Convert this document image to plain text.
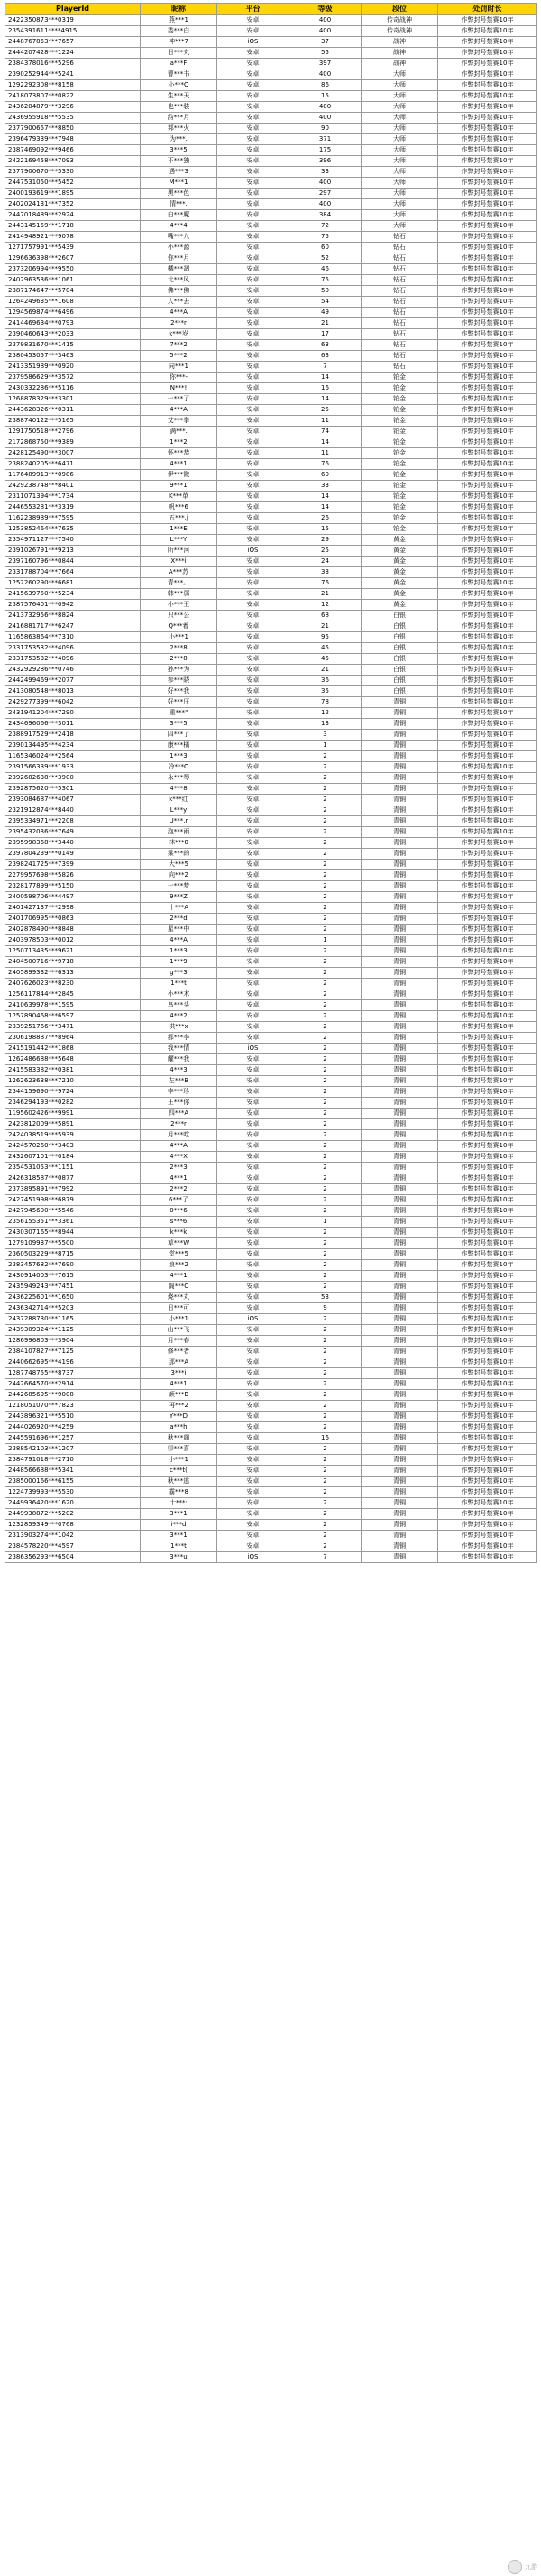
PlayerId	昵称	平台	等级	段位	处罚时长
2422350873***0319	燕***1	安卓	400	传奇战神	作弊封号禁赛10年
2354391611****4915	娄***白	安卓	400	传奇战神	作弊封号禁赛10年
2448767853***7657	神***7	iOS	37	战神	作弊封号禁赛10年
2444207428***1224	日***丸	安卓	55	战神	作弊封号禁赛10年
2384378016***5296	a***F	安卓	397	战神	作弊封号禁赛10年
2390252944***5241	曹***书	安卓	400	大师	作弊封号禁赛10年
1292292308***8158	小***Q	安卓	86	大师	作弊封号禁赛10年
2418073807***0822	生***天	安卓	15	大师	作弊封号禁赛10年
2436204879***3296	也***装	安卓	400	大师	作弊封号禁赛10年
2436955918***5535	韵***月	安卓	400	大师	作弊封号禁赛10年
2377900657***8850	邦***火	安卓	90	大师	作弊封号禁赛10年
2396479339***7948	为***.	安卓	371	大师	作弊封号禁赛10年
2387469092***9466	3***5	安卓	175	大师	作弊封号禁赛10年
2422169458***7093	不***独	安卓	396	大师	作弊封号禁赛10年
2377900670***5330	遇***3	安卓	33	大师	作弊封号禁赛10年
2447531050***5452	M***1	安卓	400	大师	作弊封号禁赛10年
2400193619***1895	黑***色	安卓	297	大师	作弊封号禁赛10年
2402024131***7352	情***.	安卓	400	大师	作弊封号禁赛10年
2447018489***2924	白***魔	安卓	384	大师	作弊封号禁赛10年
2443145159***1718	4***4	安卓	72	大师	作弊封号禁赛10年
2414948921***9078	嘴***九	安卓	75	钻石	作弊封号禁赛10年
1271757991***5439	小***源	安卓	60	钻石	作弊封号禁赛10年
1296636398***2607	你***月	安卓	52	钻石	作弊封号禁赛10年
2373206994***9550	橘***凋	安卓	46	钻石	作弊封号禁赛10年
2402963536***1061	北***风	安卓	75	钻石	作弊封号禁赛10年
2387174647***5704	佛***佛	安卓	50	钻石	作弊封号禁赛10年
1264249635***1608	人***去	安卓	54	钻石	作弊封号禁赛10年
1294569874***6496	4***A	安卓	49	钻石	作弊封号禁赛10年
2414469634***0793	2***r	安卓	21	钻石	作弊封号禁赛10年
2390460643***2033	k***岁	安卓	17	钻石	作弊封号禁赛10年
2379831670***1415	7***2	安卓	63	钻石	作弊封号禁赛10年
2380453057***3463	5***2	安卓	63	钻石	作弊封号禁赛10年
2413351989***0920	同***1	安卓	7	钻石	作弊封号禁赛10年
2379586629***3572	你***-	安卓	14	铂金	作弊封号禁赛10年
2430332286***5116	N***!	安卓	16	铂金	作弊封号禁赛10年
1268878329***3301	一***了	安卓	14	铂金	作弊封号禁赛10年
2443628326***0311	4***A	安卓	25	铂金	作弊封号禁赛10年
2388740122***5165	艾***拳	安卓	11	铂金	作弊封号禁赛10年
1291750518***2796	满***.	安卓	74	铂金	作弊封号禁赛10年
2172868750***9389	1***2	安卓	14	铂金	作弊封号禁赛10年
2428125490***3007	怀***恭	安卓	11	铂金	作弊封号禁赛10年
2388240205***6471	4***1	安卓	76	铂金	作弊封号禁赛10年
1176489913***0986	伊***微	安卓	60	铂金	作弊封号禁赛10年
2429238748***8401	9***1	安卓	33	铂金	作弊封号禁赛10年
2311071394***1734	K***单	安卓	14	铂金	作弊封号禁赛10年
2446553281***3319	帆***6	安卓	14	铂金	作弊封号禁赛10年
1162238989***7595	五***.j	安卓	26	铂金	作弊封号禁赛10年
1253852464***7635	1***E	安卓	15	铂金	作弊封号禁赛10年
2354971127***7540	L***Y	安卓	29	黄金	作弊封号禁赛10年
2391026791***9213	所***河	iOS	25	黄金	作弊封号禁赛10年
2397160796***0844	X***i	安卓	24	黄金	作弊封号禁赛10年
2331788704***7664	A***苏	安卓	33	黄金	作弊封号禁赛10年
1252260290***6681	青***。	安卓	76	黄金	作弊封号禁赛10年
2415639750***5234	韩***弱	安卓	21	黄金	作弊封号禁赛10年
2387576401***0942	小***王	安卓	12	黄金	作弊封号禁赛10年
2413732956***8824	只***公	安卓	68	白银	作弊封号禁赛10年
2416881717***6247	Q***着	安卓	21	白银	作弊封号禁赛10年
1165863864***7310	小***1	安卓	95	白银	作弊封号禁赛10年
2331753532***4096	2***8	安卓	45	白银	作弊封号禁赛10年
2331753532***4096	2***8	安卓	45	白银	作弊封号禁赛10年
2432929286***0746	孙***为	安卓	21	白银	作弊封号禁赛10年
2442499469***2077	参***晓	安卓	36	白银	作弊封号禁赛10年
2413080548***8013	好***我	安卓	35	白银	作弊封号禁赛10年
2429277399***6042	好***压	安卓	78	青铜	作弊封号禁赛10年
2431941204***7290	重***"	安卓	12	青铜	作弊封号禁赛10年
2434696066***3011	3***5	安卓	13	青铜	作弊封号禁赛10年
2388917529***2418	四***了	安卓	3	青铜	作弊封号禁赛10年
2390134495***4234	康***橘	安卓	1	青铜	作弊封号禁赛10年
1165346024***2564	1***3	安卓	2	青铜	作弊封号禁赛10年
2391566339***1933	冷***O	安卓	2	青铜	作弊封号禁赛10年
2392682638***3900	永***琴	安卓	2	青铜	作弊封号禁赛10年
2392875620***5301	4***8	安卓	2	青铜	作弊封号禁赛10年
2393084687***4067	k***红	安卓	2	青铜	作弊封号禁赛10年
2321912874***8440	L***y	安卓	2	青铜	作弊封号禁赛10年
2395334971***2208	U***.r	安卓	2	青铜	作弊封号禁赛10年
2395432036***7649	泡***雨	安卓	2	青铜	作弊封号禁赛10年
2395998368***3440	林***8	安卓	2	青铜	作弊封号禁赛10年
2397804239***0149	乘***的	安卓	2	青铜	作弊封号禁赛10年
2398241725***7399	大***5	安卓	2	青铜	作弊封号禁赛10年
2279957698***5826	向***2	安卓	2	青铜	作弊封号禁赛10年
2328177899***5150	一***梦	安卓	2	青铜	作弊封号禁赛10年
2400598706***4497	9***Z	安卓	2	青铜	作弊封号禁赛10年
2401427137***2998	十***A	安卓	2	青铜	作弊封号禁赛10年
2401706995***0863	2***d	安卓	2	青铜	作弊封号禁赛10年
2402878490***8848	星***中	安卓	2	青铜	作弊封号禁赛10年
2403978503***0012	4***A	安卓	1	青铜	作弊封号禁赛10年
1250713435***9621	1***3	安卓	2	青铜	作弊封号禁赛10年
2404500716***9718	1***9	安卓	2	青铜	作弊封号禁赛10年
2405899332***6313	g***3	安卓	2	青铜	作弊封号禁赛10年
2407626023***8230	1***t	安卓	2	青铜	作弊封号禁赛10年
1256117844***2845	小***术	安卓	2	青铜	作弊封号禁赛10年
2410639978***1595	鸟***头	安卓	2	青铜	作弊封号禁赛10年
1257890468***6597	4***2	安卓	2	青铜	作弊封号禁赛10年
2339251766***3471	洪***x	安卓	2	青铜	作弊封号禁赛10年
2306198887***8964	都***李	安卓	2	青铜	作弊封号禁赛10年
2415191442***1868	我***情	iOS	2	青铜	作弊封号禁赛10年
1262486688***5648	耀***我	安卓	2	青铜	作弊封号禁赛10年
2415583382***0381	4***3	安卓	2	青铜	作弊封号禁赛10年
1262623638***7210	左***B	安卓	2	青铜	作弊封号禁赛10年
2344159690***9724	李***珍	安卓	2	青铜	作弊封号禁赛10年
2346294193***0282	王***你	安卓	2	青铜	作弊封号禁赛10年
1195602426***9991	四***A	安卓	2	青铜	作弊封号禁赛10年
2423812009***5891	2***r	安卓	2	青铜	作弊封号禁赛10年
2424038519***5939	月***吃	安卓	2	青铜	作弊封号禁赛10年
2424570260***3403	4***A	安卓	2	青铜	作弊封号禁赛10年
2432607101***0184	4***X	安卓	2	青铜	作弊封号禁赛10年
2354531053***1151	2***3	安卓	2	青铜	作弊封号禁赛10年
2426318587***0877	4***1	安卓	2	青铜	作弊封号禁赛10年
2373895891***7992	2***2	安卓	2	青铜	作弊封号禁赛10年
2427451998***6879	6***了	安卓	2	青铜	作弊封号禁赛10年
2427945600***5546	0***6	安卓	2	青铜	作弊封号禁赛10年
2356155351***3361	s***6	安卓	1	青铜	作弊封号禁赛10年
2430307165***8944	k***k	安卓	2	青铜	作弊封号禁赛10年
1279109937***5500	草***W	安卓	2	青铜	作弊封号禁赛10年
2360503229***8715	堂***5	安卓	2	青铜	作弊封号禁赛10年
2383457682***7690	浪***2	安卓	2	青铜	作弊封号禁赛10年
2430914003***7615	4***1	安卓	2	青铜	作弊封号禁赛10年
2435949243***7451	阁***C	安卓	2	青铜	作弊封号禁赛10年
2436225601***1650	烧***丸	安卓	53	青铜	作弊封号禁赛10年
2436342714***5203	日***可	安卓	9	青铜	作弊封号禁赛10年
2437288730***1165	小***1	iOS	2	青铜	作弊封号禁赛10年
2439309324***1125	山***飞	安卓	2	青铜	作弊封号禁赛10年
1286996803***3904	月***春	安卓	2	青铜	作弊封号禁赛10年
2384107827***7125	修***者	安卓	2	青铜	作弊封号禁赛10年
2440662695***4196	那***A	安卓	2	青铜	作弊封号禁赛10年
1287748755***8737	3***i	安卓	2	青铜	作弊封号禁赛10年
2442664570***2914	4***1	安卓	2	青铜	作弊封号禁赛10年
2442685695***9008	颜***B	安卓	2	青铜	作弊封号禁赛10年
1218051070***7823	再***2	安卓	2	青铜	作弊封号禁赛10年
2443896321***5510	Y***D	安卓	2	青铜	作弊封号禁赛10年
2444026920***4259	a***h	安卓	2	青铜	作弊封号禁赛10年
2445591696***1257	秋***阁	安卓	16	青铜	作弊封号禁赛10年
2388542103***1207	卯***喜	安卓	2	青铜	作弊封号禁赛10年
2384791018***2710	小***1	安卓	2	青铜	作弊封号禁赛10年
2448566688***5341	c***t(	安卓	2	青铜	作弊封号禁赛10年
2385000166***6155	秋***逃	安卓	2	青铜	作弊封号禁赛10年
1224739993***5530	霸***8	安卓	2	青铜	作弊封号禁赛10年
2449936420***1620	十***:	安卓	2	青铜	作弊封号禁赛10年
2449938872***5202	3***1	安卓	2	青铜	作弊封号禁赛10年
1232859349***0768	i***d	安卓	2	青铜	作弊封号禁赛10年
2313903274***1042	3***1	安卓	2	青铜	作弊封号禁赛10年
2384578220***4597	1***t	安卓	2	青铜	作弊封号禁赛10年
2386356293***6504	3***u	iOS	7	青铜	作弊封号禁赛10年
九游
